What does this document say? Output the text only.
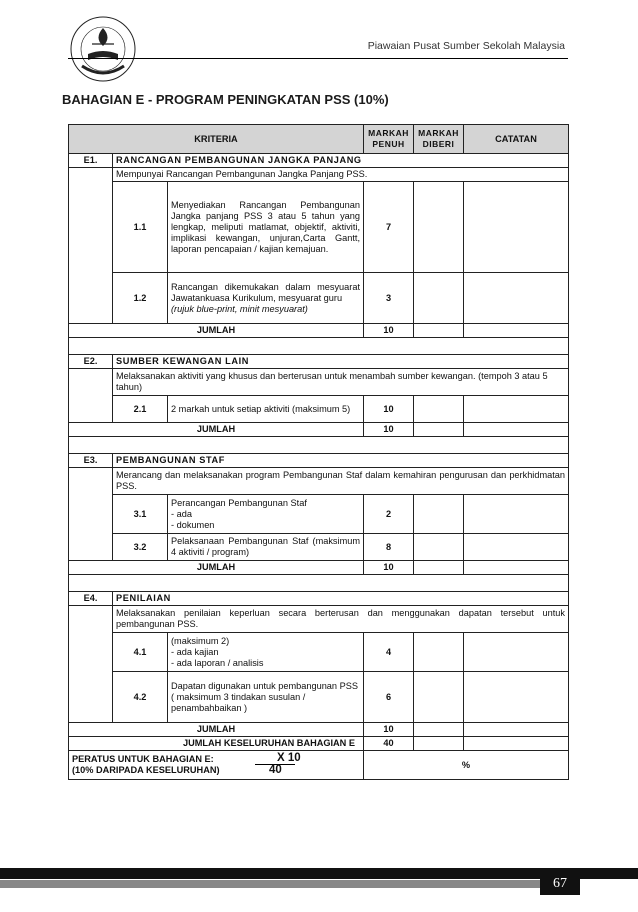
Piawaian Pusat Sumber Sekolah Malaysia
BAHAGIAN E - PROGRAM PENINGKATAN PSS (10%)
KRITERIA			MARKAH PENUH	MARKAH DIBERI	CATATAN
E1.	RANCANGAN PEMBANGUNAN JANGKA PANJANG				
	Mempunyai Rancangan Pembangunan Jangka Panjang PSS.				
	1.1	Menyediakan Rancangan Pembangunan Jangka panjang PSS 3 atau 5 tahun yang lengkap, meliputi matlamat, objektif, aktiviti, implikasi kewangan, unjuran,Carta Gantt, laporan pencapaian / kajian kemajuan.	7		
	1.2	Rancangan dikemukakan dalam mesyuarat Jawatankuasa Kurikulum, mesyuarat guru
(rujuk blue-print, minit mesyuarat)	3		
JUMLAH			10		

E2.	SUMBER KEWANGAN LAIN				
	Melaksanakan aktiviti yang khusus dan berterusan untuk menambah sumber kewangan. (tempoh 3 atau 5 tahun)				
	2.1	2 markah untuk setiap aktiviti (maksimum 5)	10		
JUMLAH			10		

E3.	PEMBANGUNAN STAF				
	Merancang dan melaksanakan program Pembangunan Staf dalam kemahiran pengurusan dan perkhidmatan PSS.				
	3.1	Perancangan Pembangunan Staf
- ada
- dokumen	2		
	3.2	Pelaksanaan Pembangunan Staf (maksimum 4 aktiviti / program)	8		
JUMLAH			10		

E4.	PENILAIAN				
	Melaksanakan penilaian keperluan secara berterusan dan menggunakan dapatan tersebut untuk pembangunan PSS.				
	4.1	(maksimum 2)
- ada kajian
- ada laporan / analisis	4		
	4.2	Dapatan digunakan untuk pembangunan PSS ( maksimum 3 tindakan susulan / penambahbaikan )	6		
JUMLAH			10		
JUMLAH KESELURUHAN BAHAGIAN E			40		

PERATUS UNTUK BAHAGIAN E:
(10% DARIPADA KESELURUHAN)
X 10
40			%		
67
